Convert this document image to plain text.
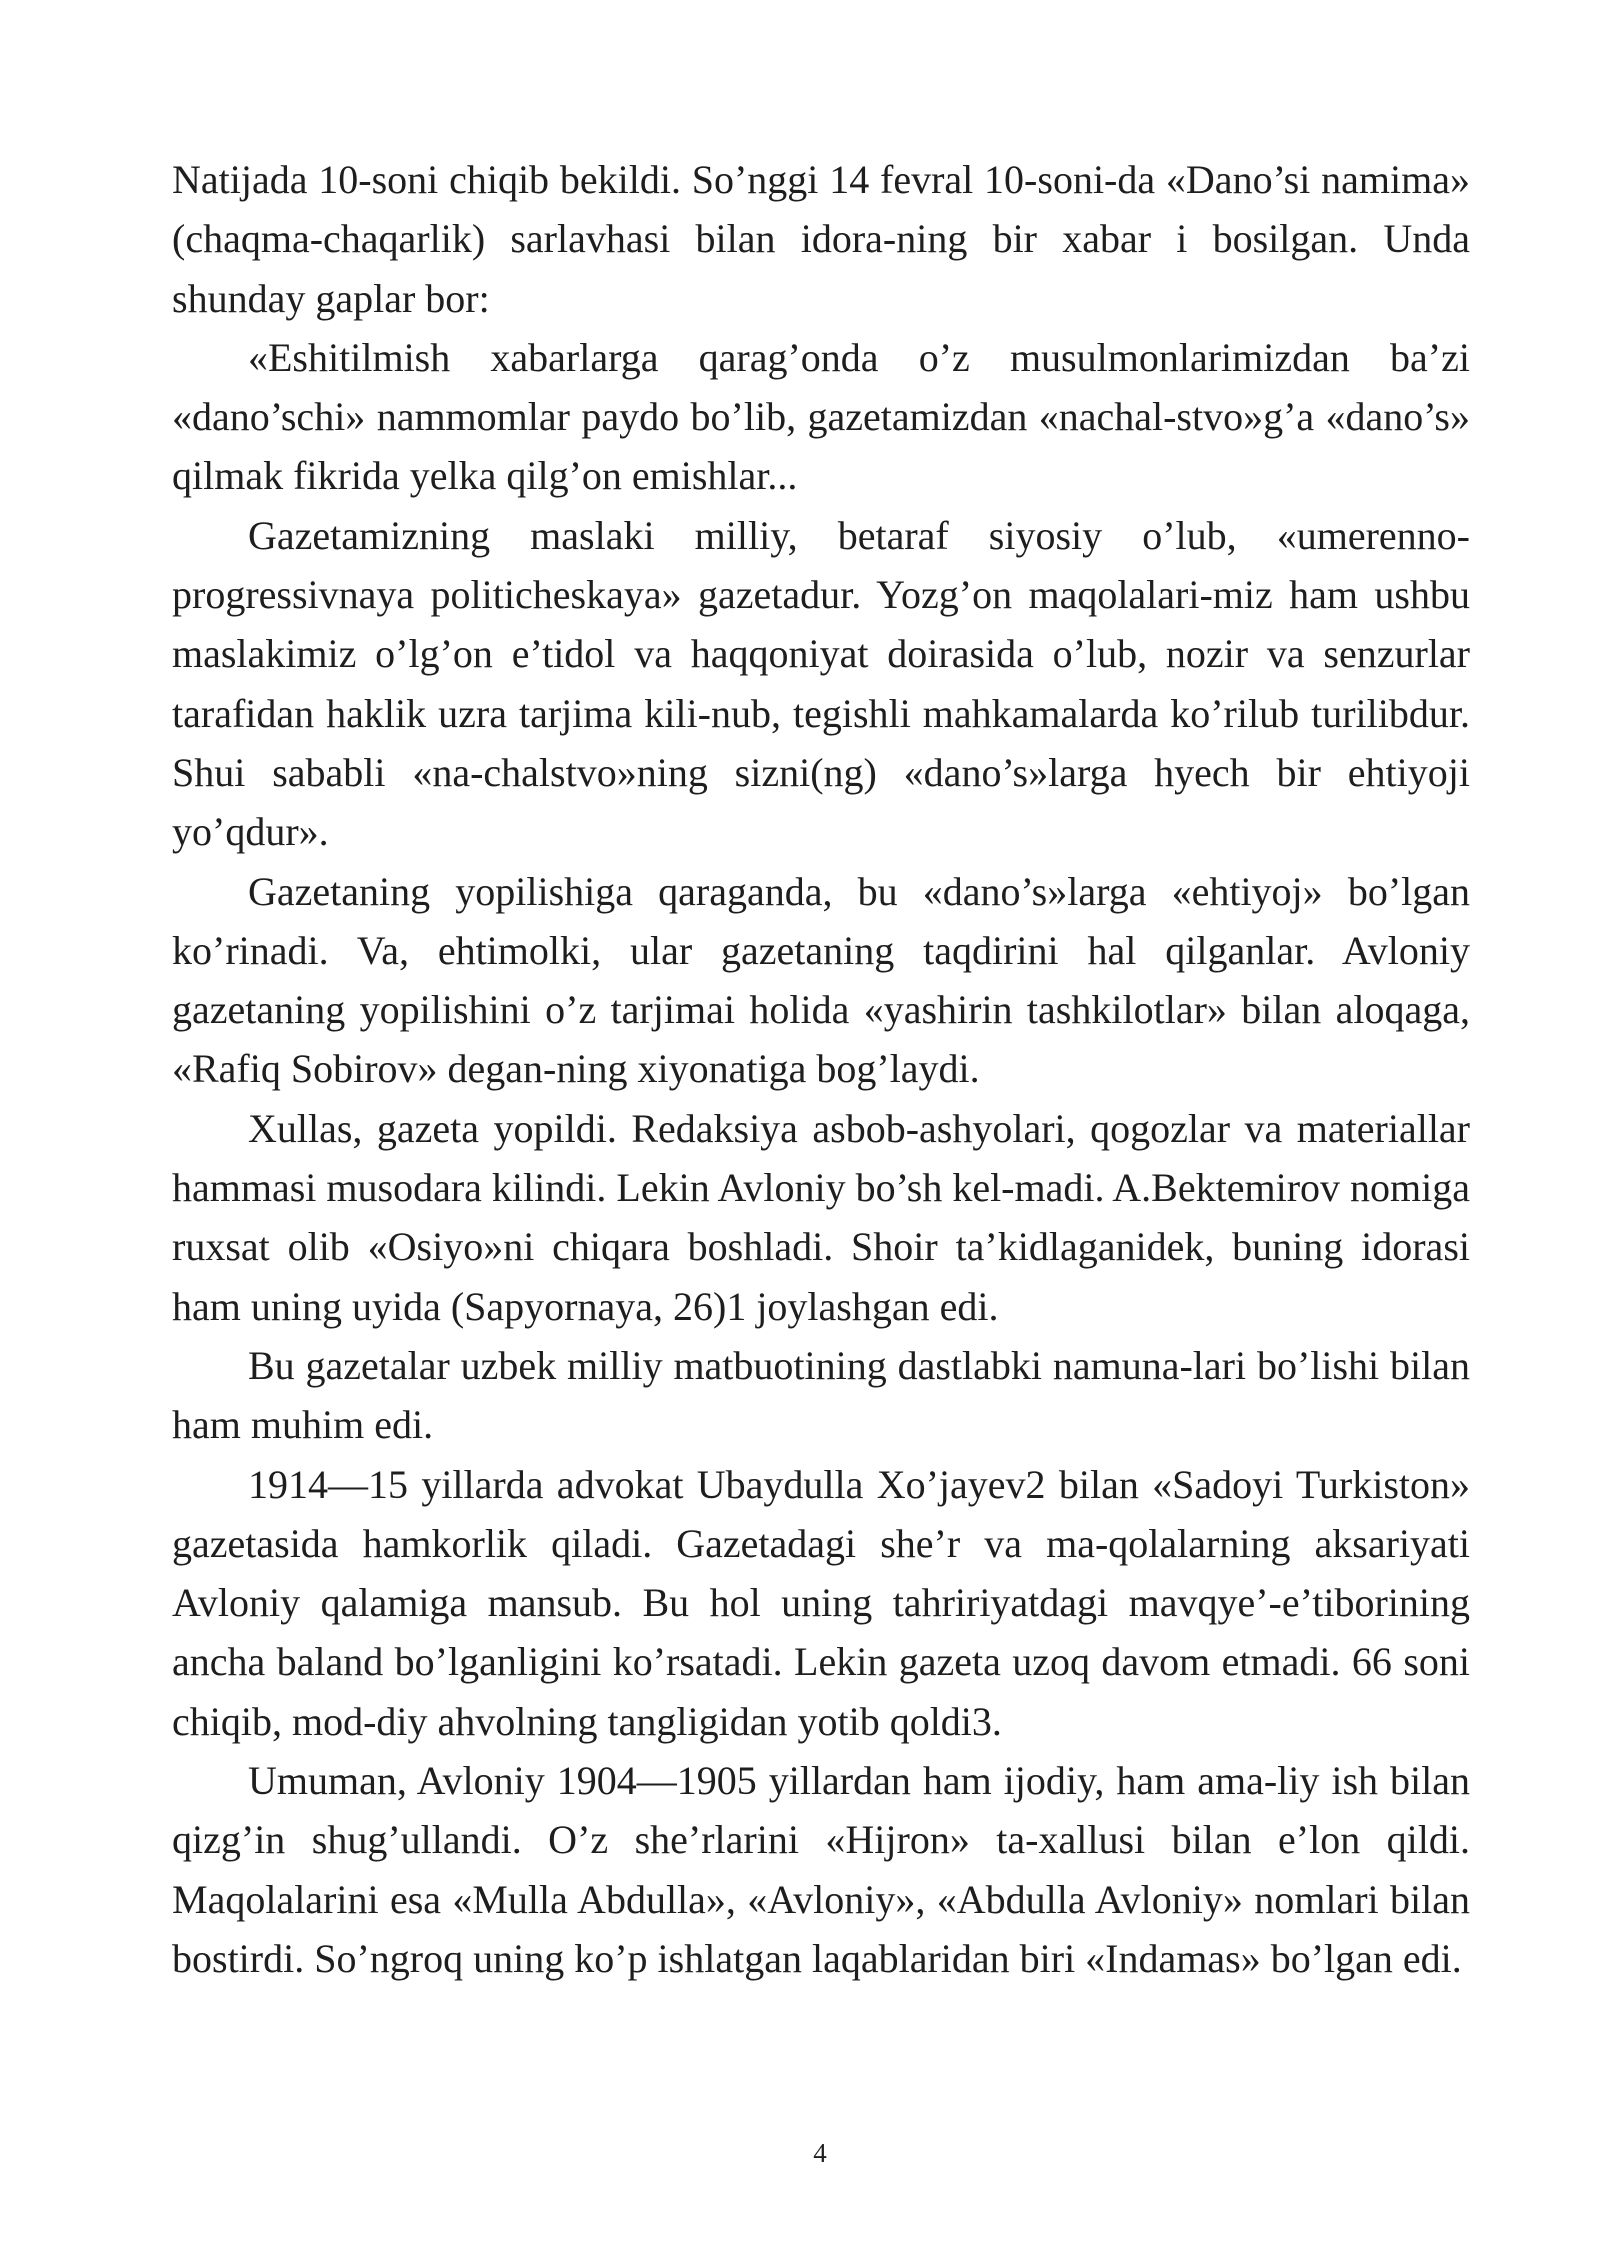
Natijada 10-soni chiqib bekildi. So’nggi 14 fevral 10-soni-da «Dano’si namima» (chaqma-chaqarlik) sarlavhasi bilan idora-ning bir xabar i bosilgan. Unda shunday gaplar bor:

«Eshitilmish xabarlarga qarag’onda o’z musulmonlarimizdan ba’zi «dano’schi» nammomlar paydo bo’lib, gazetamizdan «nachal-stvo»g’a «dano’s» qilmak fikrida yelka qilg’on emishlar...

Gazetamizning maslaki milliy, betaraf siyosiy o’lub, «umerenno-progressivnaya politicheskaya» gazetadur. Yozg’on maqolalari-miz ham ushbu maslakimiz o’lg’on e’tidol va haqqoniyat doirasida o’lub, nozir va senzurlar tarafidan haklik uzra tarjima kili-nub, tegishli mahkamalarda ko’rilub turilibdur. Shui sababli «na-chalstvo»ning sizni(ng) «dano’s»larga hyech bir ehtiyoji yo’qdur».

Gazetaning yopilishiga qaraganda, bu «dano’s»larga «ehtiyoj» bo’lgan ko’rinadi. Va, ehtimolki, ular gazetaning taqdirini hal qilganlar. Avloniy gazetaning yopilishini o’z tarjimai holida «yashirin tashkilotlar» bilan aloqaga, «Rafiq Sobirov» degan-ning xiyonatiga bog’laydi.

Xullas, gazeta yopildi. Redaksiya asbob-ashyolari, qogozlar va materiallar hammasi musodara kilindi. Lekin Avloniy bo’sh kel-madi. A.Bektemirov nomiga ruxsat olib «Osiyo»ni chiqara boshladi. Shoir ta’kidlaganidek, buning idorasi ham uning uyida (Sapyornaya, 26)1 joylashgan edi.

Bu gazetalar uzbek milliy matbuotining dastlabki namuna-lari bo’lishi bilan ham muhim edi.

1914—15 yillarda advokat Ubaydulla Xo’jayev2 bilan «Sadoyi Turkiston» gazetasida hamkorlik qiladi. Gazetadagi she’r va ma-qolalarning aksariyati Avloniy qalamiga mansub. Bu hol uning tahririyatdagi mavqye’-e’tiborining ancha baland bo’lganligini ko’rsatadi. Lekin gazeta uzoq davom etmadi. 66 soni chiqib, mod-diy ahvolning tangligidan yotib qoldi3.

Umuman, Avloniy 1904—1905 yillardan ham ijodiy, ham ama-liy ish bilan qizg’in shug’ullandi. O’z she’rlarini «Hijron» ta-xallusi bilan e’lon qildi. Maqolalarini esa «Mulla Abdulla», «Avloniy», «Abdulla Avloniy» nomlari bilan bostirdi. So’ngroq uning ko’p ishlatgan laqablaridan biri «Indamas» bo’lgan edi.

4
